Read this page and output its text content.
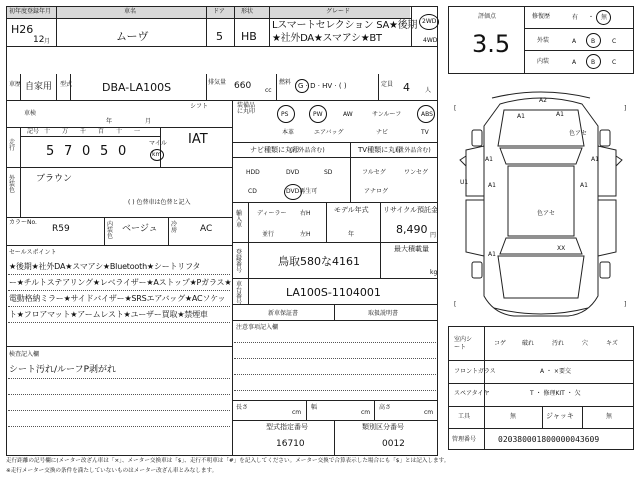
初年度登録年月
H26
12 月
車名
ムーヴ
ドア
5
形状
HB
グレード
Lスマートセレクション SA★後期
★社外DA★スマアシ★BT
2WD
4WD
車歴 自家用 型式	DBA-LA100S	排気量 660 cc
燃料 G · D · HV · ( )	定員 4	人
車検
年	月
シフト
IAT
走行
記号 十 万 千 百 十 一
5 7 0 5 0
マイル
km
外装色
ブラウン
( ) 色替車は色替と記入
カラーNo.
R59	内装色
ベージュ 冷房	AC
セールスポイント
★後期★社外DA★スマアシ★Bluetooth★シートリフタ
ー★チルトステアリング★レベライザー★Aストップ★Pガラス★
電動格納ミラー★サイドバイザー★SRSエアバッグ★ACソケッ
ト★フロアマット★アームレスト★ユーザー買取★禁煙車
検査記入欄
シート汚れ/ルーフP剥がれ
装備品に丸印	PS	PW	AW	サンルーフ	ABS
本革	エアバッグ	ナビ	TV
ナビ種類に丸印
(社外品含む)	TV種類に丸印
(社外品含む)
HDD	DVD	SD
CD	DVD再生可
フルセグ	ワンセグ
アナログ
輸入車
ディーラー
並行
右H
左H
モデル年式
年
リサイクル預託金
8,490 円
最大積載量
kg
登録番号
鳥取580な4161
車台番号
LA100S-1104001
新車保証書	取扱説明書
注意事項記入欄
長さ
cm
幅
cm
高さ
cm
型式指定番号
16710
類別区分番号
0012
評価点
3.5
修復歴	有 ・ 無
外装	A B	C
内装	A B	C
[	]
[	]
A2
A1	A1
色アセ
A1	A1
U1	A1	A1
色アセ
XX
A1
室内シート
コゲ	破れ	汚れ	穴	キズ
フロントガラス	A ・ ×要交
スペアタイヤ	T ・ 修理KIT ・ 欠
工具	無	ジャッキ	無
管理番号	020380001800000043609
走行距離の記号欄に(メーター改ざん車は「×」、メーター交換車は「$」、走行不明車は「#」を記入してください。メーター交換で合算表示した場合にも「$」とは記入します。
※走行メーター交換の条件を満たしていないものはメーター改ざん車とみなします。
